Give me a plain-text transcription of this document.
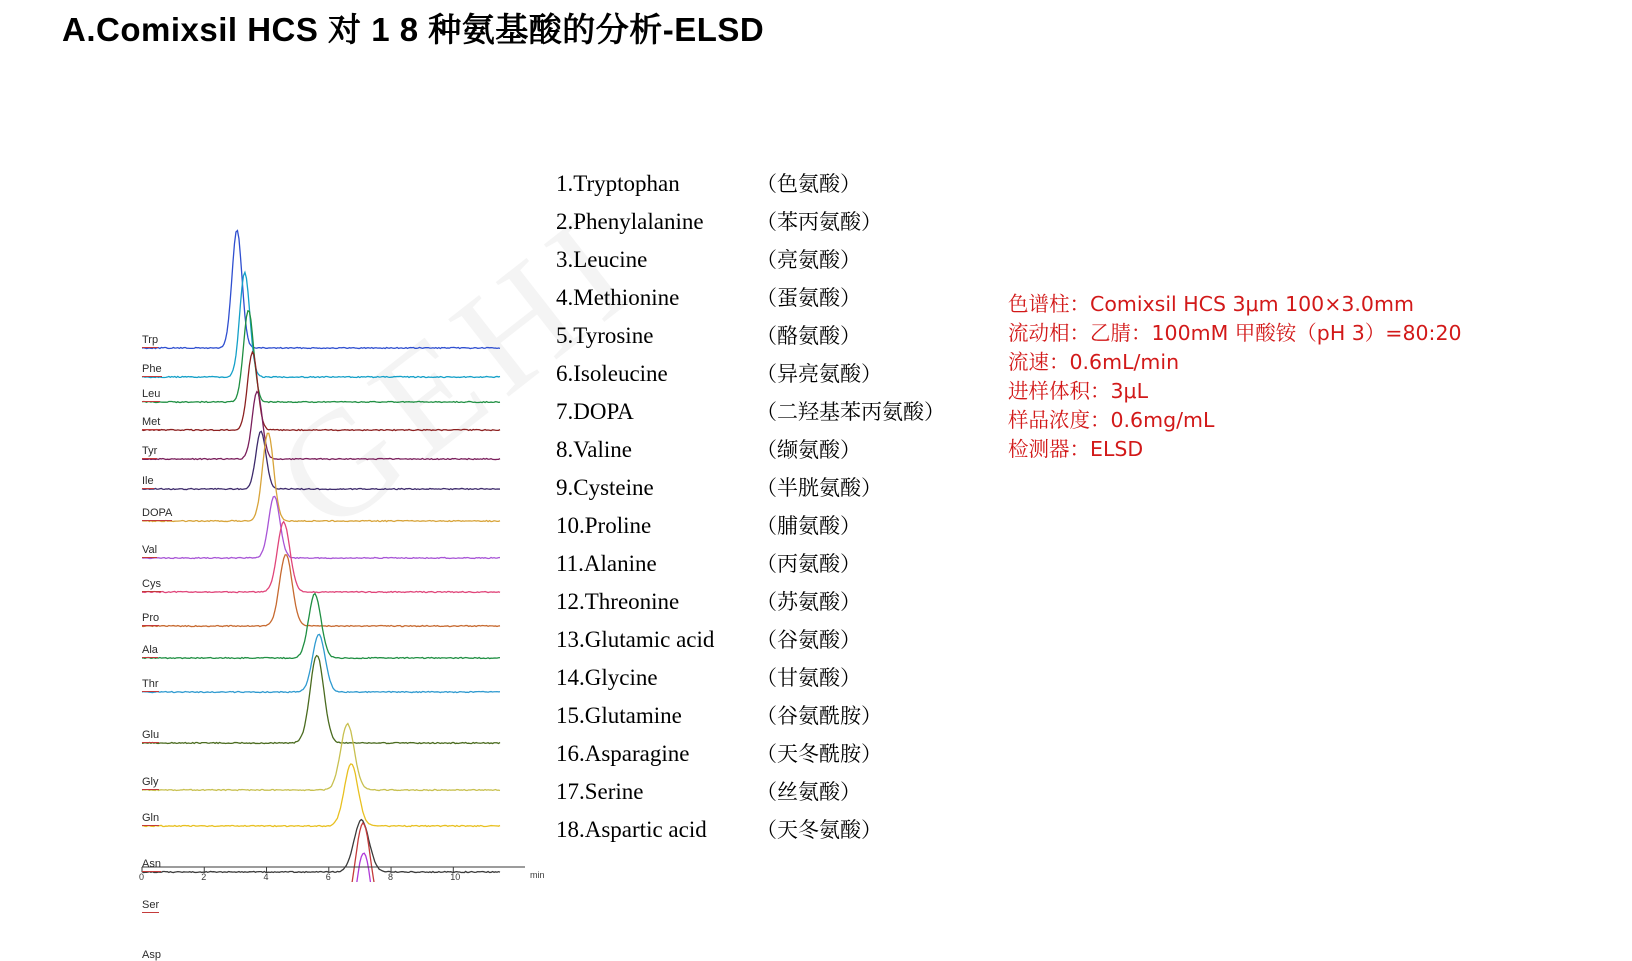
A.Comixsil HCS 对 1 8 种氨基酸的分析-ELSD
Trp
Phe
Leu
Met
Tyr
Ile
DOPA
Val
Cys
Pro
Ala
Thr
Glu
Gly
Gln
Asn
Ser
Asp
0	2	4	6	8	10	min
1.Tryptophan	（色氨酸）
2.Phenylalanine	（苯丙氨酸）
3.Leucine	（亮氨酸）
4.Methionine	（蛋氨酸）
5.Tyrosine	（酪氨酸）
6.Isoleucine	（异亮氨酸）
7.DOPA	（二羟基苯丙氨酸）
8.Valine	（缬氨酸）
9.Cysteine	（半胱氨酸）
10.Proline	（脯氨酸）
11.Alanine	（丙氨酸）
12.Threonine	（苏氨酸）
13.Glutamic acid	（谷氨酸）
14.Glycine	（甘氨酸）
15.Glutamine	（谷氨酰胺）
16.Asparagine	（天冬酰胺）
17.Serine	（丝氨酸）
18.Aspartic acid	（天冬氨酸）
色谱柱：Comixsil HCS 3μm 100×3.0mm
流动相：乙腈：100mM 甲酸铵（pH 3）=80:20
流速：0.6mL/min
进样体积：3μL
样品浓度：0.6mg/mL
检测器：ELSD
